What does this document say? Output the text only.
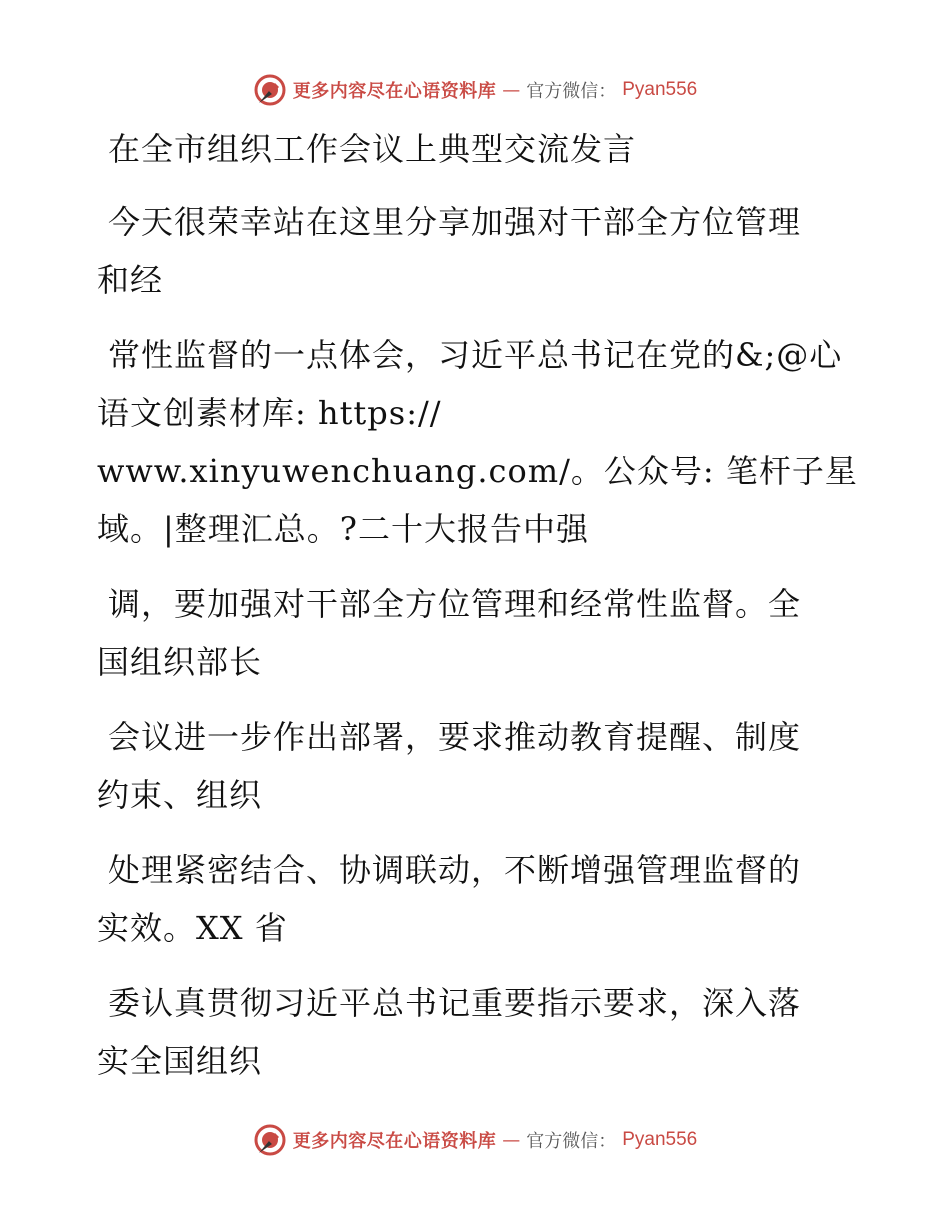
更多内容尽在心语资料库 — 官方微信： Pyan556
在全市组织工作会议上典型交流发言
今天很荣幸站在这里分享加强对干部全方位管理
和经
常性监督的一点体会，习近平总书记在党的&;@心
语文创素材库: https://
www.xinyuwenchuang.com/。公众号: 笔杆子星
域。|整理汇总。?二十大报告中强
调，要加强对干部全方位管理和经常性监督。全
国组织部长
会议进一步作出部署，要求推动教育提醒、制度
约束、组织
处理紧密结合、协调联动，不断增强管理监督的
实效。XX 省
委认真贯彻习近平总书记重要指示要求，深入落
实全国组织
更多内容尽在心语资料库 — 官方微信： Pyan556
